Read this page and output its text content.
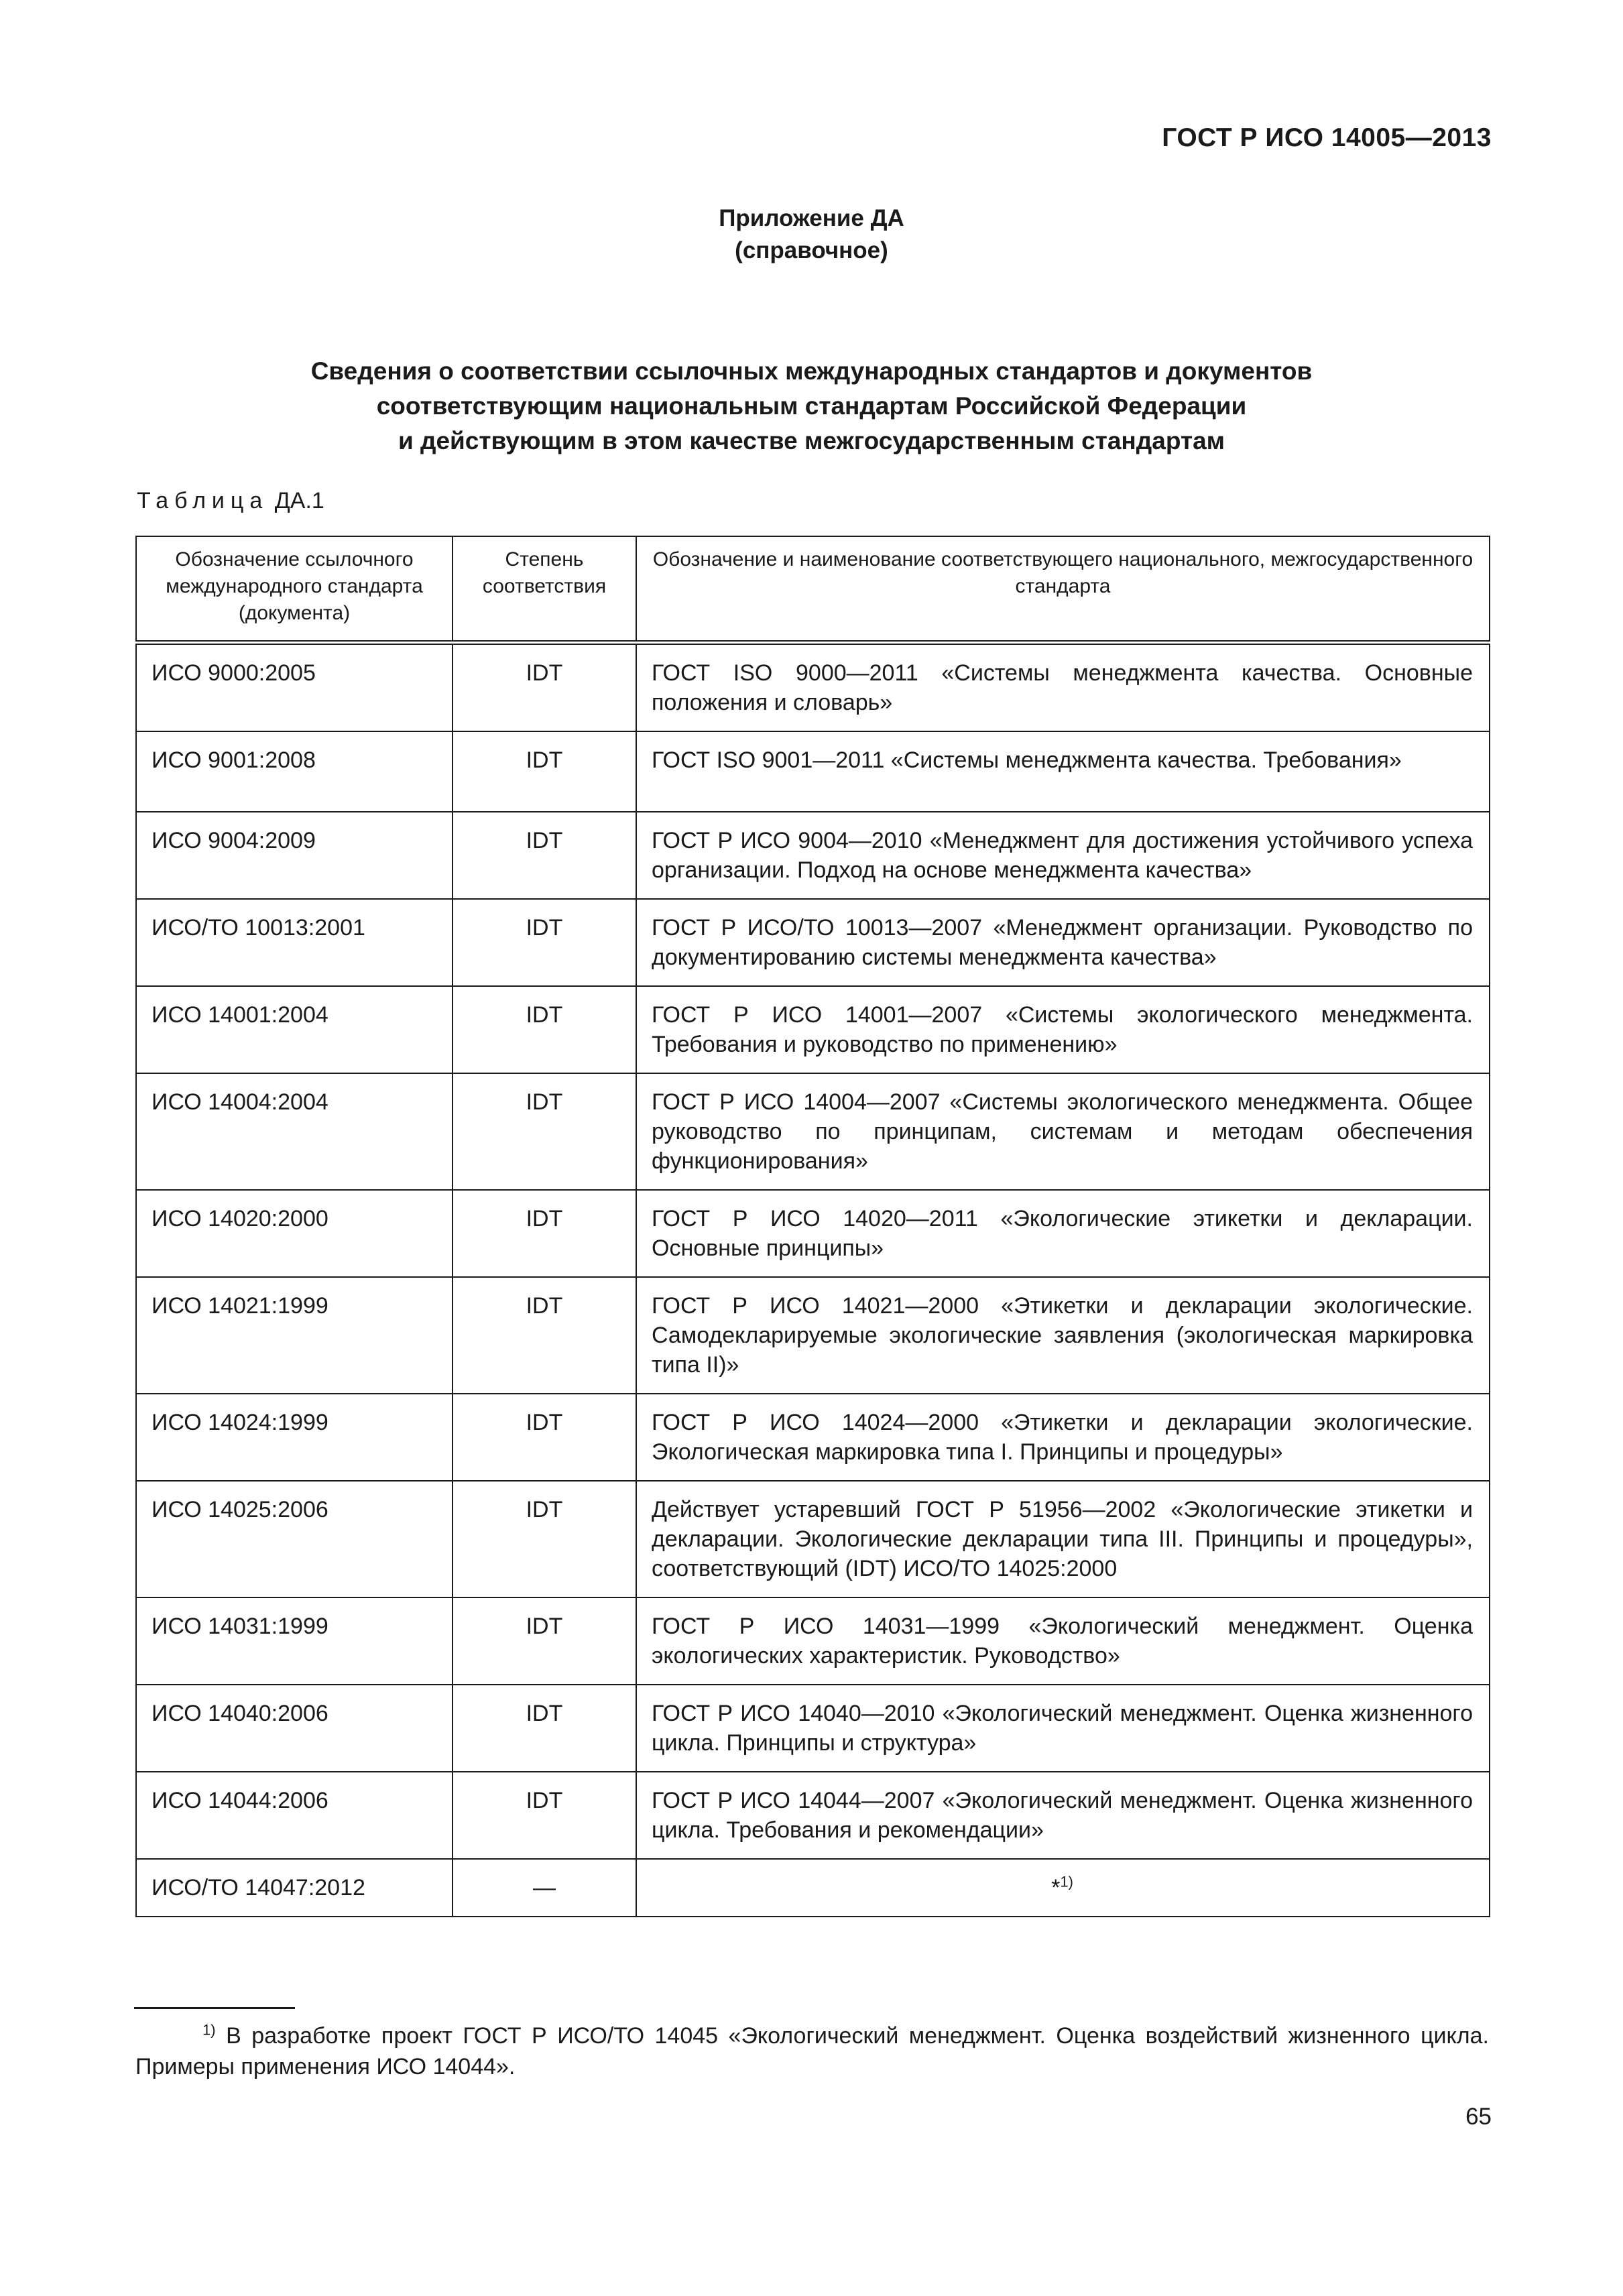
ГОСТ Р ИСО 14005—2013
Приложение ДА
(справочное)
Сведения о соответствии ссылочных международных стандартов и документов
соответствующим национальным стандартам Российской Федерации
и действующим в этом качестве межгосударственным стандартам
Таблица ДА.1
Обозначение ссылочного международного стандарта (документа)	Степень соответствия	Обозначение и наименование соответствующего национального, межгосударственного стандарта
ИСО 9000:2005	IDT	ГОСТ ISO 9000—2011 «Системы менеджмента качества. Основные положения и словарь»
ИСО 9001:2008	IDT	ГОСТ ISO 9001—2011 «Системы менеджмента качества. Требования»
ИСО 9004:2009	IDT	ГОСТ Р ИСО 9004—2010 «Менеджмент для достижения устойчивого успеха организации. Подход на основе менеджмента качества»
ИСО/ТО 10013:2001	IDT	ГОСТ Р ИСО/ТО 10013—2007 «Менеджмент организации. Руководство по документированию системы менеджмента качества»
ИСО 14001:2004	IDT	ГОСТ Р ИСО 14001—2007 «Системы экологического менеджмента. Требования и руководство по применению»
ИСО 14004:2004	IDT	ГОСТ Р ИСО 14004—2007 «Системы экологического менеджмента. Общее руководство по принципам, системам и методам обеспечения функционирования»
ИСО 14020:2000	IDT	ГОСТ Р ИСО 14020—2011 «Экологические этикетки и декларации. Основные принципы»
ИСО 14021:1999	IDT	ГОСТ Р ИСО 14021—2000 «Этикетки и декларации экологические. Самодекларируемые экологические заявления (экологическая маркировка типа II)»
ИСО 14024:1999	IDT	ГОСТ Р ИСО 14024—2000 «Этикетки и декларации экологические. Экологическая маркировка типа I. Принципы и процедуры»
ИСО 14025:2006	IDT	Действует устаревший ГОСТ Р 51956—2002 «Экологические этикетки и декларации. Экологические декларации типа III. Принципы и процедуры», соответствующий (IDT) ИСО/ТО 14025:2000
ИСО 14031:1999	IDT	ГОСТ Р ИСО 14031—1999 «Экологический менеджмент. Оценка экологических характеристик. Руководство»
ИСО 14040:2006	IDT	ГОСТ Р ИСО 14040—2010 «Экологический менеджмент. Оценка жизненного цикла. Принципы и структура»
ИСО 14044:2006	IDT	ГОСТ Р ИСО 14044—2007 «Экологический менеджмент. Оценка жизненного цикла. Требования и рекомендации»
ИСО/ТО 14047:2012	—	*$^{1)}$
$^{1)}$ В разработке проект ГОСТ Р ИСО/ТО 14045 «Экологический менеджмент. Оценка воздействий жизненного цикла. Примеры применения ИСО 14044».
65
